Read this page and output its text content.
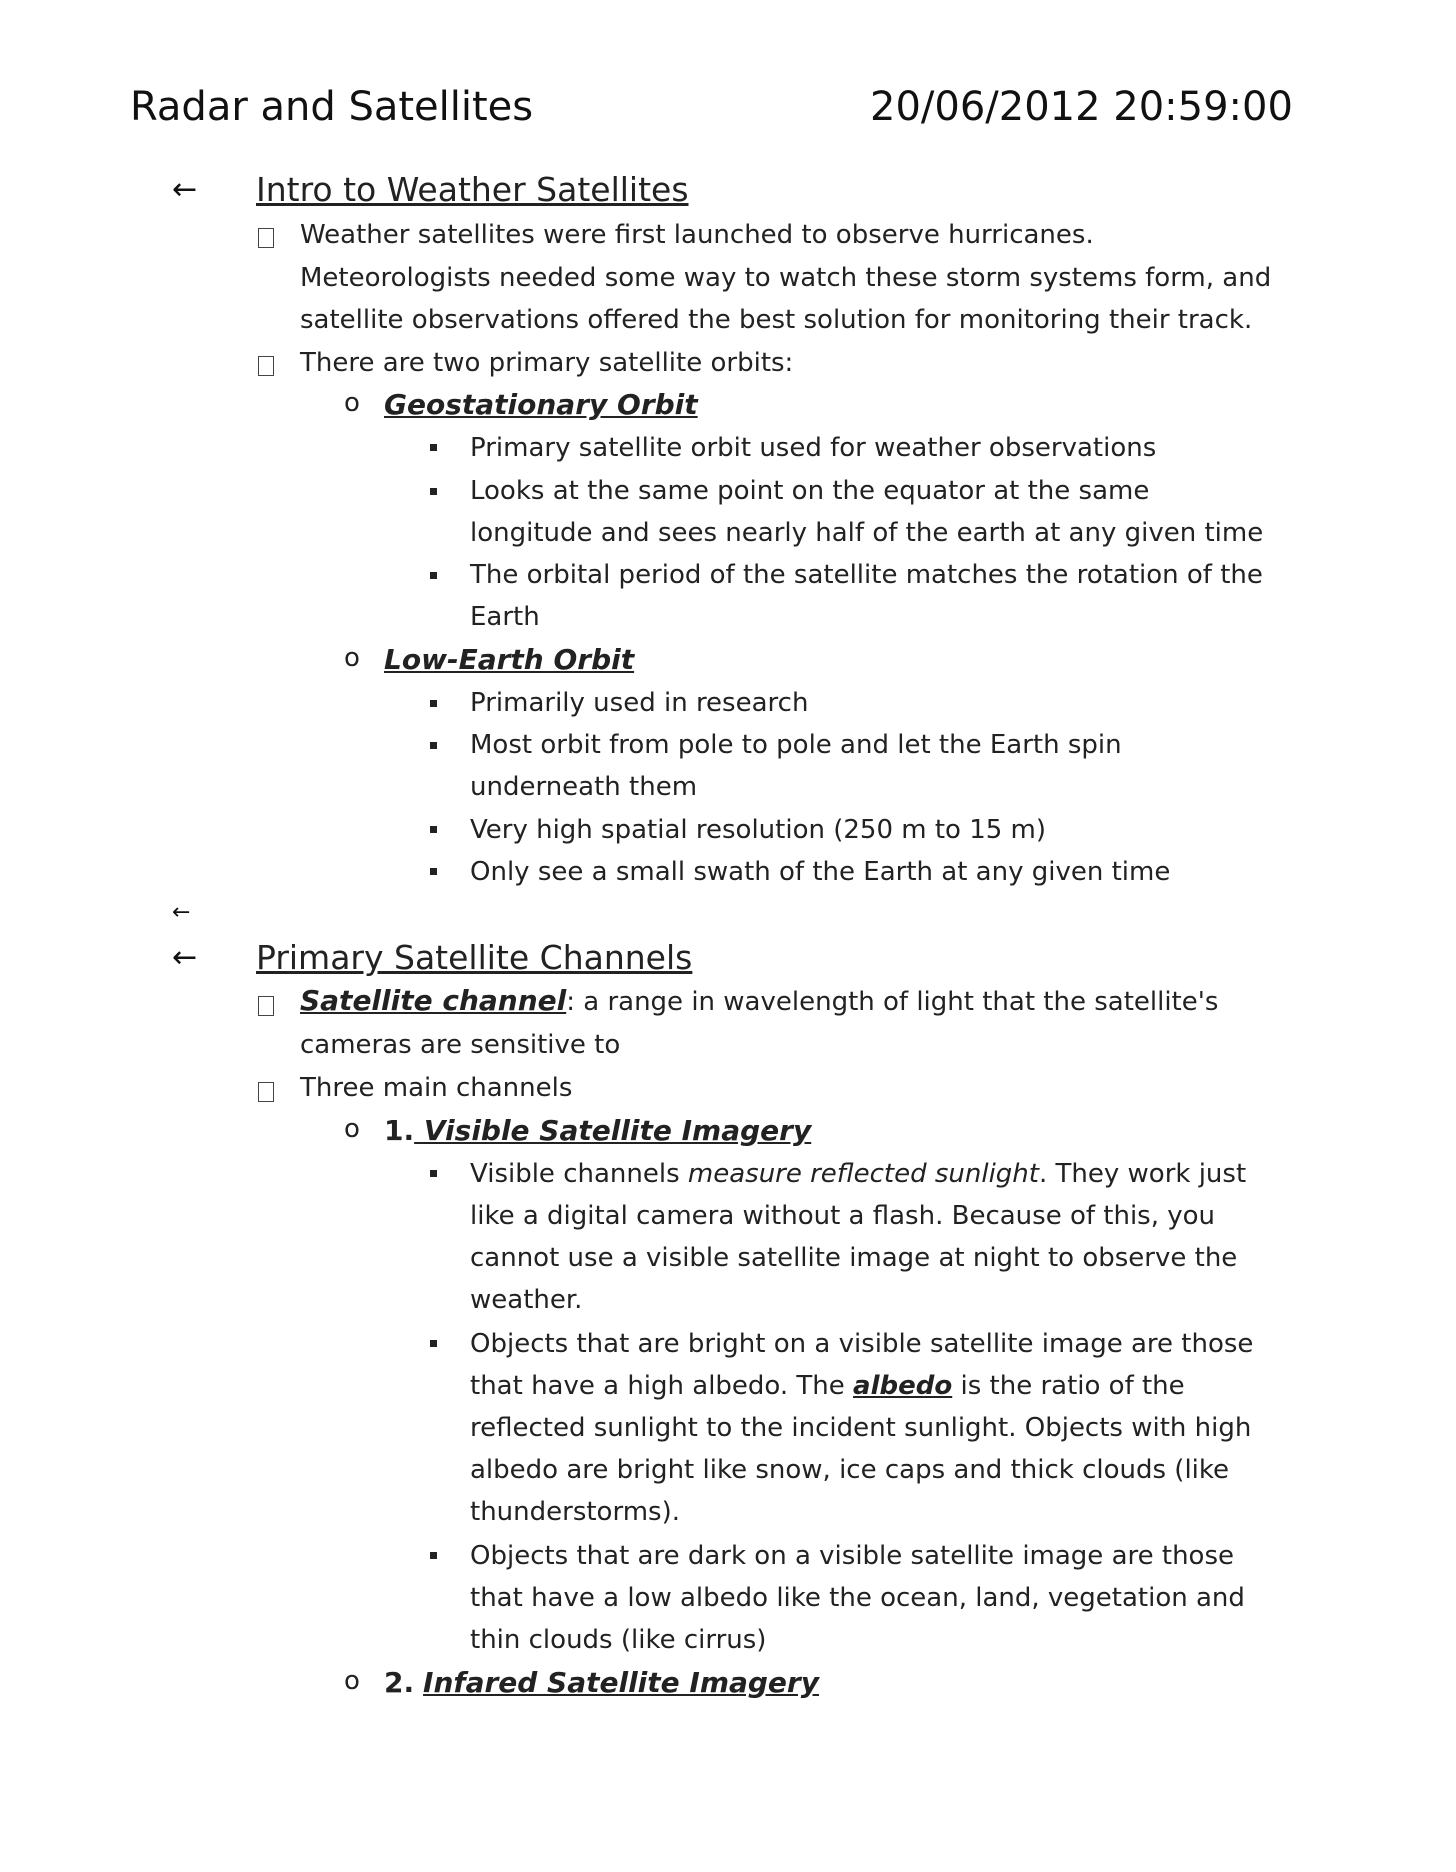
Radar and Satellites	20/06/2012 20:59:00
← Intro to Weather Satellites
Weather satellites were first launched to observe hurricanes.
Meteorologists needed some way to watch these storm systems form, and
satellite observations offered the best solution for monitoring their track.
There are two primary satellite orbits:
o Geostationary Orbit
Primary satellite orbit used for weather observations
Looks at the same point on the equator at the same
longitude and sees nearly half of the earth at any given time
The orbital period of the satellite matches the rotation of the
Earth
o Low-Earth Orbit
Primarily used in research
Most orbit from pole to pole and let the Earth spin
underneath them
Very high spatial resolution (250 m to 15 m)
Only see a small swath of the Earth at any given time
←
← Primary Satellite Channels
Satellite channel: a range in wavelength of light that the satellite's
cameras are sensitive to
Three main channels
o 1. Visible Satellite Imagery
Visible channels measure reflected sunlight. They work just
like a digital camera without a flash. Because of this, you
cannot use a visible satellite image at night to observe the
weather.
Objects that are bright on a visible satellite image are those
that have a high albedo. The albedo is the ratio of the
reflected sunlight to the incident sunlight. Objects with high
albedo are bright like snow, ice caps and thick clouds (like
thunderstorms).
Objects that are dark on a visible satellite image are those
that have a low albedo like the ocean, land, vegetation and
thin clouds (like cirrus)
o 2. Infared Satellite Imagery
